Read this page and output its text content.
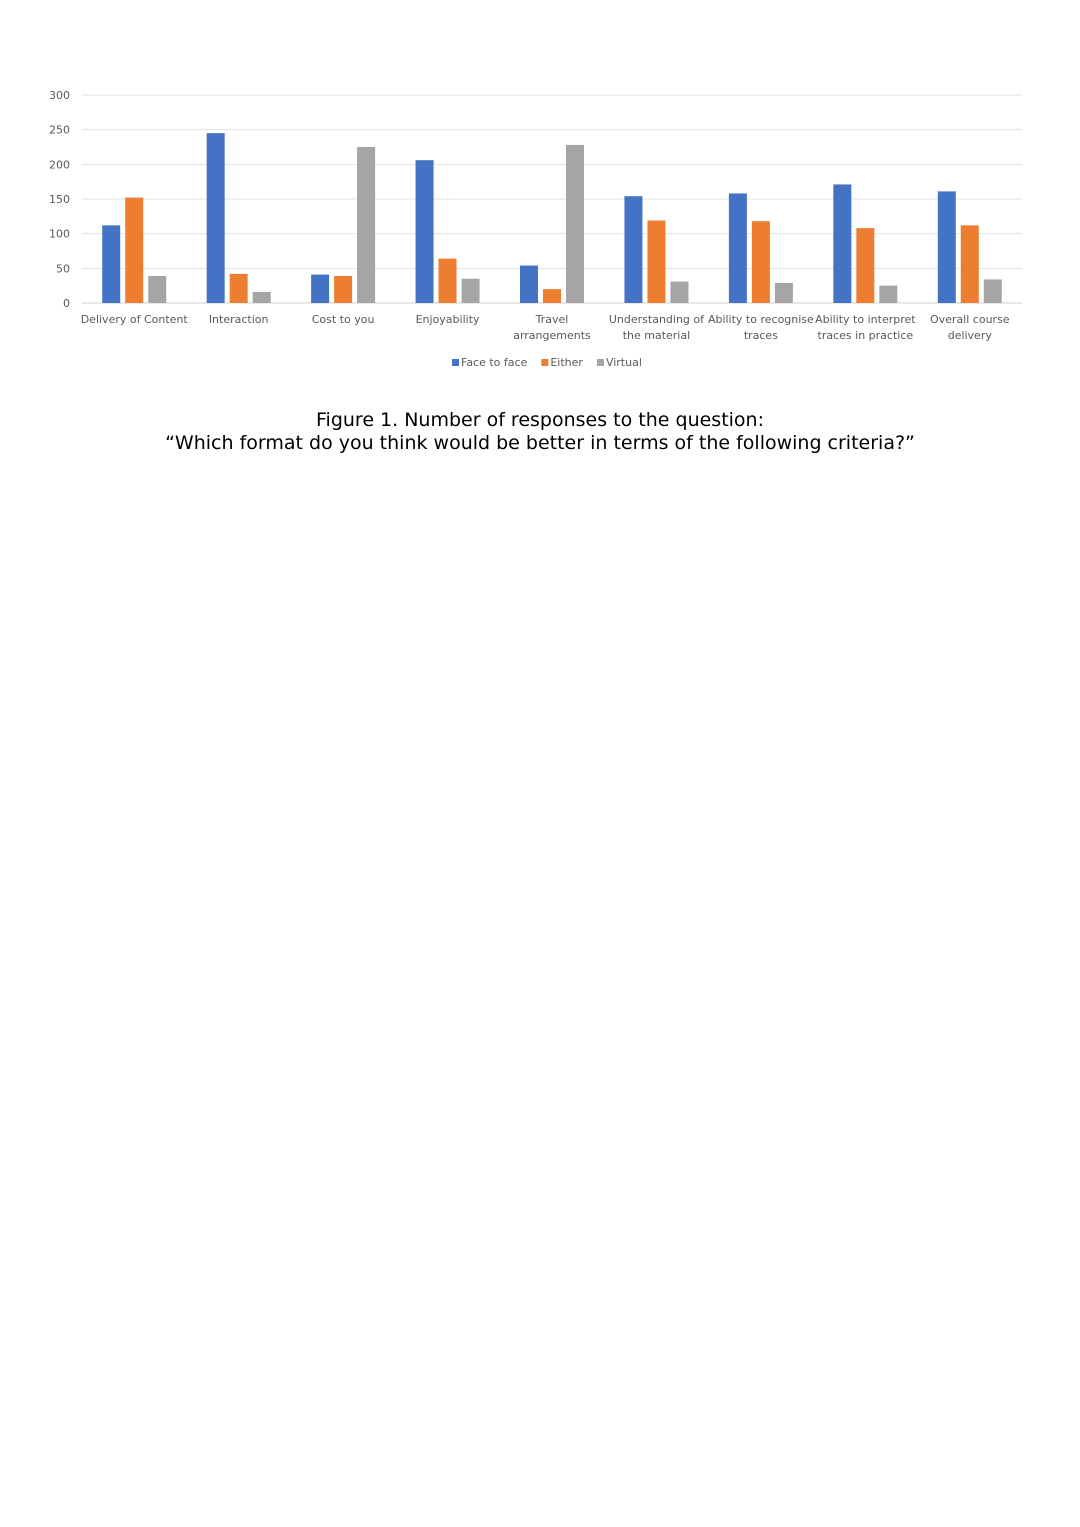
0
50
100
150
200
250
300
Delivery of Content Interaction	Cost to you	Enjoyability	Travel
arrangements
Understanding of
the material
Ability to recognise
traces
Ability to interpret
traces in practice
Overall course
delivery
Face to face Either Virtual
Figure 1. Number of responses to the question:
“Which format do you think would be better in terms of the following criteria?”
